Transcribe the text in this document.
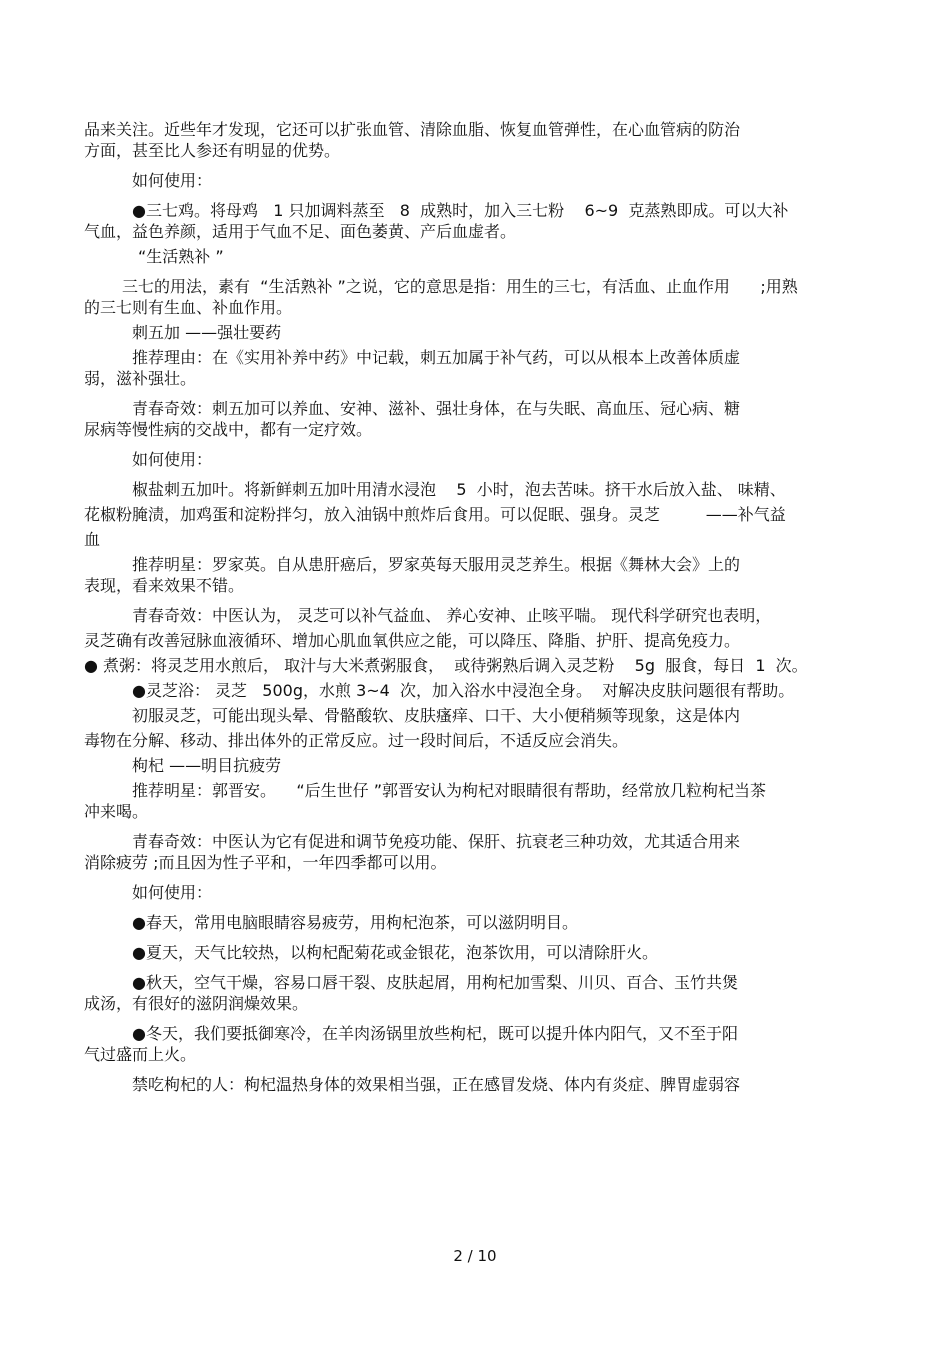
品来关注。近些年才发现，它还可以扩张血管、清除血脂、恢复血管弹性，在心血管病的防治
方面，甚至比人参还有明显的优势。
如何使用：
●三七鸡。将母鸡   1 只加调料蒸至   8  成熟时，加入三七粉    6~9  克蒸熟即成。可以大补
气血，益色养颜，适用于气血不足、面色萎黄、产后血虚者。
“生活熟补 ”
三七的用法，素有  “生活熟补 ”之说，它的意思是指：用生的三七，有活血、止血作用      ;用熟
的三七则有生血、补血作用。
刺五加 ——强壮要药
推荐理由：在《实用补养中药》中记载，刺五加属于补气药，可以从根本上改善体质虚
弱，滋补强壮。
青春奇效：刺五加可以养血、安神、滋补、强壮身体，在与失眠、高血压、冠心病、糖
尿病等慢性病的交战中，都有一定疗效。
如何使用：
椒盐刺五加叶。将新鲜刺五加叶用清水浸泡    5  小时，泡去苦味。挤干水后放入盐、 味精、
花椒粉腌渍，加鸡蛋和淀粉拌匀，放入油锅中煎炸后食用。可以促眠、强身。灵芝         ——补气益
血
推荐明星：罗家英。自从患肝癌后，罗家英每天服用灵芝养生。根据《舞林大会》上的
表现，看来效果不错。
青春奇效：中医认为， 灵芝可以补气益血、 养心安神、止咳平喘。 现代科学研究也表明，
灵芝确有改善冠脉血液循环、增加心肌血氧供应之能，可以降压、降脂、护肝、提高免疫力。
● 煮粥：将灵芝用水煎后， 取汁与大米煮粥服食，  或待粥熟后调入灵芝粉    5g  服食，每日  1  次。
●灵芝浴： 灵芝   500g，水煎 3~4  次，加入浴水中浸泡全身。  对解决皮肤问题很有帮助。
初服灵芝，可能出现头晕、骨骼酸软、皮肤瘙痒、口干、大小便稍频等现象，这是体内
毒物在分解、移动、排出体外的正常反应。过一段时间后，不适反应会消失。
枸杞 ——明目抗疲劳
推荐明星：郭晋安。    “后生世仔 ”郭晋安认为枸杞对眼睛很有帮助，经常放几粒枸杞当茶
冲来喝。
青春奇效：中医认为它有促进和调节免疫功能、保肝、抗衰老三种功效，尤其适合用来
消除疲劳 ;而且因为性子平和，一年四季都可以用。
如何使用：
●春天，常用电脑眼睛容易疲劳，用枸杞泡茶，可以滋阴明目。
●夏天，天气比较热，以枸杞配菊花或金银花，泡茶饮用，可以清除肝火。
●秋天，空气干燥，容易口唇干裂、皮肤起屑，用枸杞加雪梨、川贝、百合、玉竹共煲
成汤，有很好的滋阴润燥效果。
●冬天，我们要抵御寒冷，在羊肉汤锅里放些枸杞，既可以提升体内阳气，又不至于阳
气过盛而上火。
禁吃枸杞的人：枸杞温热身体的效果相当强，正在感冒发烧、体内有炎症、脾胃虚弱容
2 / 10
